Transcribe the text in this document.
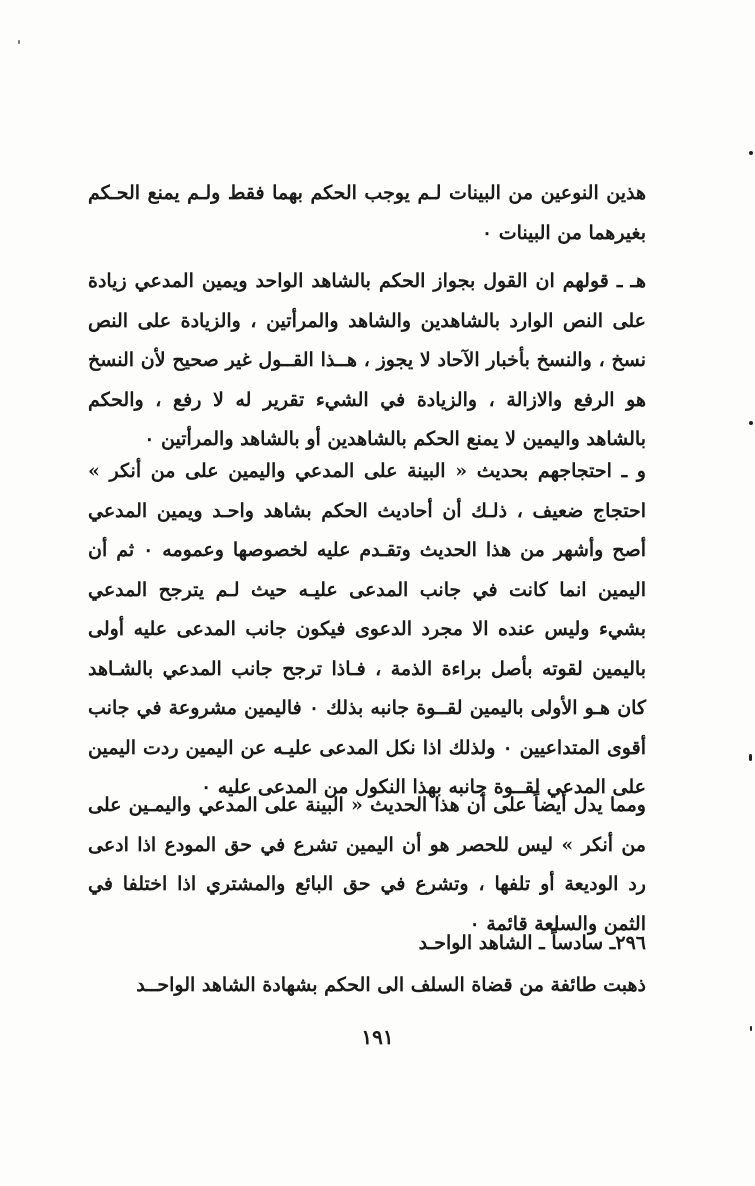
هذين النوعين من البينات لـم يوجب الحكم بهما فقط ولـم يمنع الحـكم بغيرهما من البينات ٠

هـ ـ قولهم ان القول بجواز الحكم بالشاهد الواحد ويمين المدعي زيادة على النص الوارد بالشاهدين والشاهد والمرأتين ، والزيادة على النص نسخ ، والنسخ بأخبار الآحاد لا يجوز ، هــذا القــول غير صحيح لأن النسخ هو الرفع والازالة ، والزيادة في الشيء تقرير له لا رفع ، والحكم بالشاهد واليمين لا يمنع الحكم بالشاهدين أو بالشاهد والمرأتين ٠

و ـ احتجاجهم بحديث « البينة على المدعي واليمين على من أنكر » احتجاج ضعيف ، ذلـك أن أحاديث الحكم بشاهد واحـد ويمين المدعي أصح وأشهر من هذا الحديث وتقـدم عليه لخصوصها وعمومه ٠ ثم أن اليمين انما كانت في جانب المدعى عليـه حيث لـم يترجح المدعي بشيء وليس عنده الا مجرد الدعوى فيكون جانب المدعى عليه أولى باليمين لقوته بأصل براءة الذمة ، فـاذا ترجح جانب المدعي بالشـاهد كان هـو الأولى باليمين لقــوة جانبه بذلك ٠ فاليمين مشروعة في جانب أقوى المتداعيين ٠ ولذلك اذا نكل المدعى عليـه عن اليمين ردت اليمين على المدعي لقــوة جانبه بهذا النكول من المدعى عليه ٠

ومما يدل أيضاً على أن هذا الحديث « البينة على المدعي واليمـين على من أنكر » ليس للحصر هو أن اليمين تشرع في حق المودع اذا ادعى رد الوديعة أو تلفها ، وتشرع في حق البائع والمشتري اذا اختلفا في الثمن والسلعة قائمة ٠

٢٩٦ـ سادساً ـ الشاهد الواحـد

ذهبت طائفة من قضاة السلف الى الحكم بشهادة الشاهد الواحــد

١٩١
